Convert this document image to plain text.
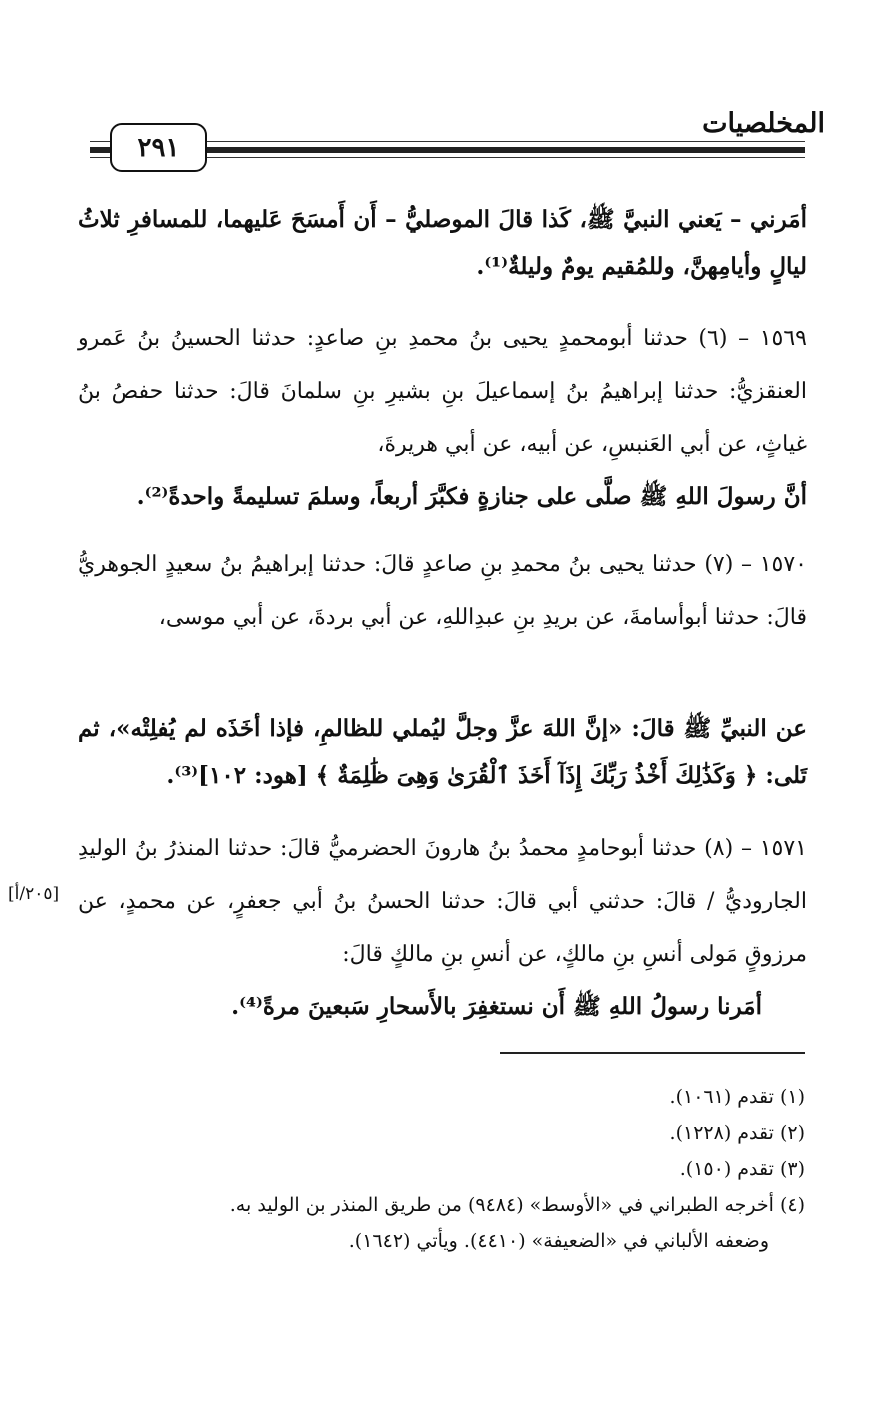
المخلصيات
٢٩١
أمَرني – يَعني النبيَّ ﷺ، كَذا قالَ الموصليُّ – أَن أَمسَحَ عَليهما، للمسافرِ ثلاثُ ليالٍ وأيامِهنَّ، وللمُقيم يومٌ وليلةٌ⁽¹⁾.
١٥٦٩ – (٦) حدثنا أبومحمدٍ يحيى بنُ محمدِ بنِ صاعدٍ: حدثنا الحسينُ بنُ عَمرو العنقزيُّ: حدثنا إبراهيمُ بنُ إسماعيلَ بنِ بشيرِ بنِ سلمانَ قالَ: حدثنا حفصُ بنُ غياثٍ، عن أبي العَنبسِ، عن أبيه، عن أبي هريرةَ،
أنَّ رسولَ اللهِ ﷺ صلَّى على جنازةٍ فكبَّرَ أربعاً، وسلمَ تسليمةً واحدةً⁽²⁾.
١٥٧٠ – (٧) حدثنا يحيى بنُ محمدِ بنِ صاعدٍ قالَ: حدثنا إبراهيمُ بنُ سعيدٍ الجوهريُّ قالَ: حدثنا أبوأسامةَ، عن بريدِ بنِ عبدِاللهِ، عن أبي بردةَ، عن أبي موسى،
عن النبيِّ ﷺ قالَ: «إنَّ اللهَ عزَّ وجلَّ ليُملي للظالمِ، فإذا أخَذَه لم يُفلِتْه»، ثم تَلى: ﴿ وَكَذَٰلِكَ أَخْذُ رَبِّكَ إِذَآ أَخَذَ ٱلْقُرَىٰ وَهِىَ ظَٰلِمَةٌ ﴾ [هود: ١٠٢]⁽³⁾.
١٥٧١ – (٨) حدثنا أبوحامدٍ محمدُ بنُ هارونَ الحضرميُّ قالَ: حدثنا المنذرُ بنُ الوليدِ الجاروديُّ / قالَ: حدثني أبي قالَ: حدثنا الحسنُ بنُ أبي جعفرٍ، عن محمدٍ، عن مرزوقٍ مَولى أنسِ بنِ مالكٍ، عن أنسِ بنِ مالكٍ قالَ:
أمَرنا رسولُ اللهِ ﷺ أَن نستغفِرَ بالأَسحارِ سَبعينَ مرةً⁽⁴⁾.
[٢٠٥/أ]
(١) تقدم (١٠٦١).
(٢) تقدم (١٢٢٨).
(٣) تقدم (١٥٠).
(٤) أخرجه الطبراني في «الأوسط» (٩٤٨٤) من طريق المنذر بن الوليد به.
وضعفه الألباني في «الضعيفة» (٤٤١٠). ويأتي (١٦٤٢).
